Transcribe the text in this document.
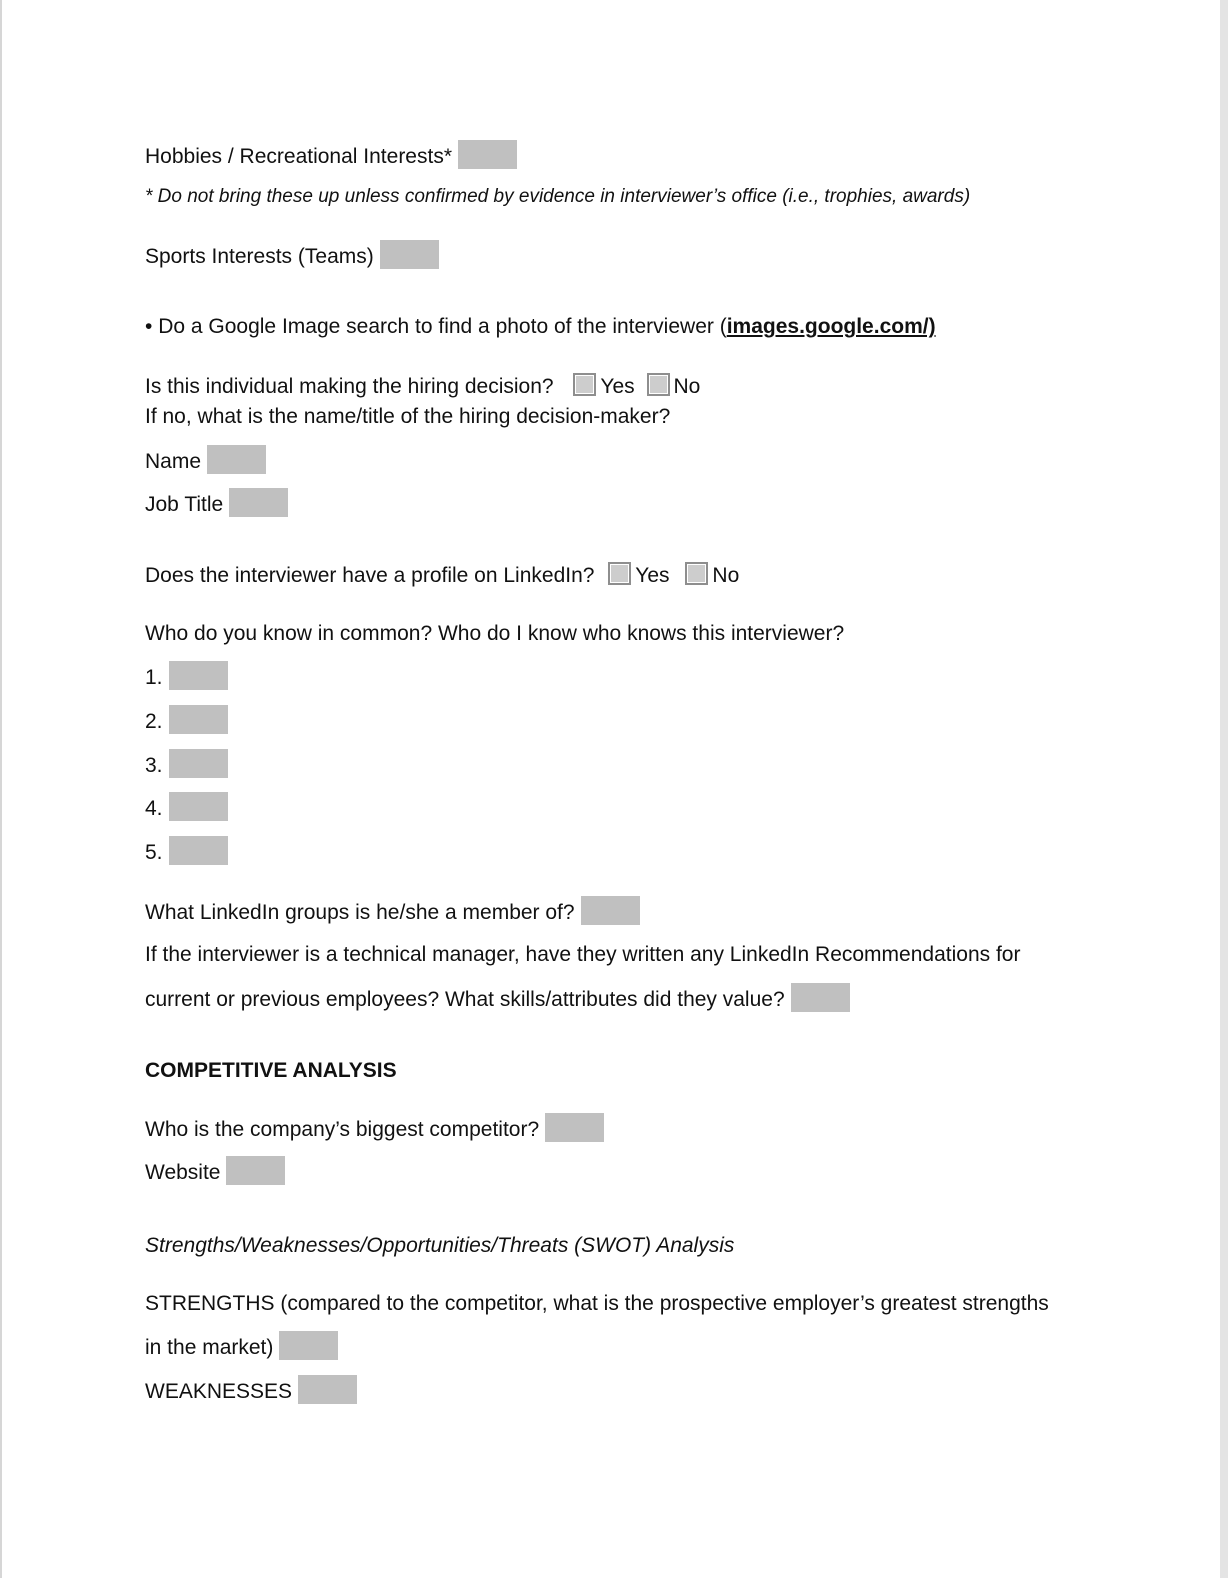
Hobbies / Recreational Interests*
* Do not bring these up unless confirmed by evidence in interviewer’s office (i.e., trophies, awards)
Sports Interests (Teams)
• Do a Google Image search to find a photo of the interviewer (images.google.com/)
Is this individual making the hiring decision? Yes No
If no, what is the name/title of the hiring decision-maker?
Name
Job Title
Does the interviewer have a profile on LinkedIn? Yes No
Who do you know in common? Who do I know who knows this interviewer?
1.
2.
3.
4.
5.
What LinkedIn groups is he/she a member of?
If the interviewer is a technical manager, have they written any LinkedIn Recommendations for
current or previous employees? What skills/attributes did they value?
COMPETITIVE ANALYSIS
Who is the company’s biggest competitor?
Website
Strengths/Weaknesses/Opportunities/Threats (SWOT) Analysis
STRENGTHS (compared to the competitor, what is the prospective employer’s greatest strengths
in the market)
WEAKNESSES
